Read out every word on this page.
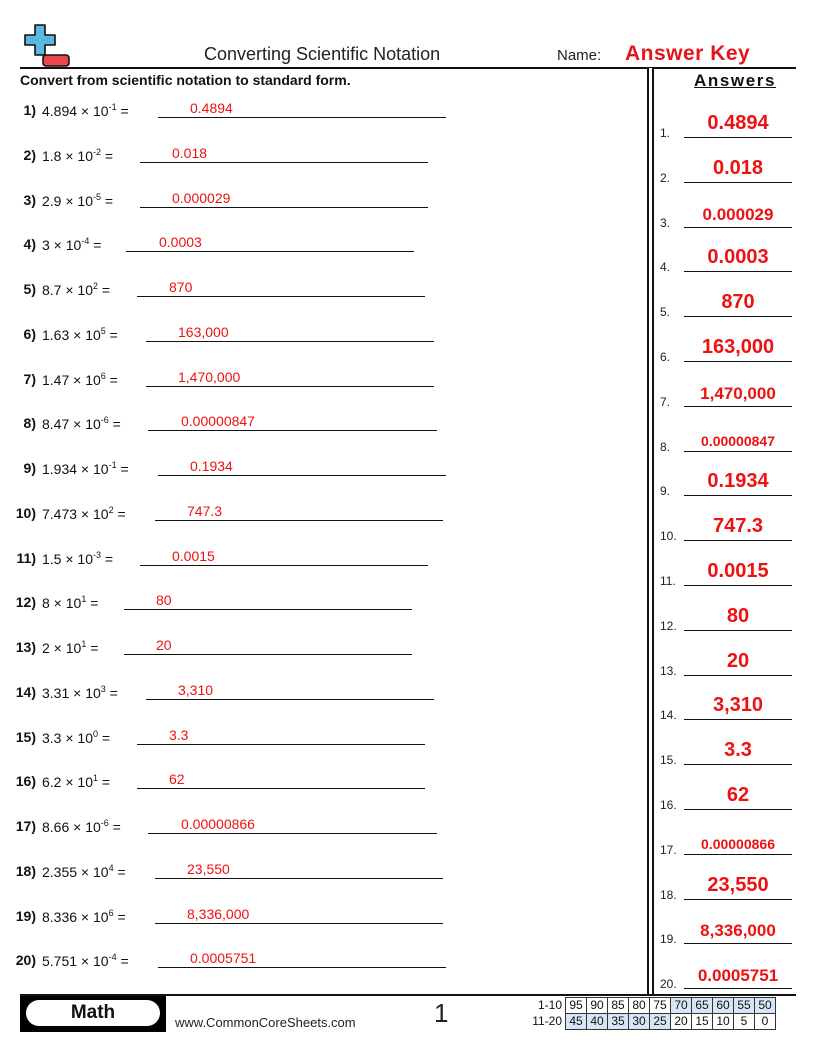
Converting Scientific Notation	Name: Answer Key
Convert from scientific notation to standard form.	Answers
1) $4.894 \times 10^{-1}$ =	0.4894
2) $1.8 \times 10^{-2}$ =	0.018
3) $2.9 \times 10^{-5}$ =	0.000029
4) $3 \times 10^{-4}$ =	0.0003
5) $8.7 \times 10^2$ =	870
6) $1.63 \times 10^5$ =	163,000
7) $1.47 \times 10^6$ =	1,470,000
8) $8.47 \times 10^{-6}$ =	0.00000847
9) $1.934 \times 10^{-1}$ =	0.1934
10) $7.473 \times 10^2$ =	747.3
11) $1.5 \times 10^{-3}$ =	0.0015
12) $8 \times 10^1$ =	80
13) $2 \times 10^1$ =	20
14) $3.31 \times 10^3$ =	3,310
15) $3.3 \times 10^0$ =	3.3
16) $6.2 \times 10^1$ =	62
17) $8.66 \times 10^{-6}$ =	0.00000866
18) $2.355 \times 10^4$ =	23,550
19) $8.336 \times 10^6$ =	8,336,000
20) $5.751 \times 10^{-4}$ =	0.0005751
1.	0.4894
2.	0.018
3.	0.000029
4.	0.0003
5.	870
6.	163,000
7.	1,470,000
8.	0.00000847
9.	0.1934
10.	747.3
11.	0.0015
12.	80
13.	20
14.	3,310
15.	3.3
16.	62
17.	0.00000866
18.	23,550
19.	8,336,000
20.	0.0005751
Math	www.CommonCoreSheets.com	1	1-10	95	90	85	80	75	70	65	60	55	50
11-20	45	40	35	30	25	20	15	10	5	0
